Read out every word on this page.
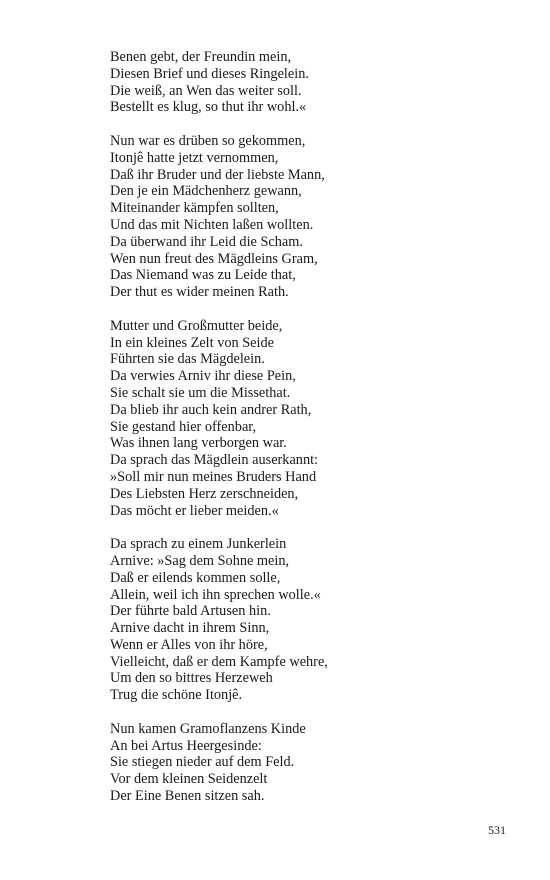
Benen gebt, der Freundin mein,
Diesen Brief und dieses Ringelein.
Die weiß, an Wen das weiter soll.
Bestellt es klug, so thut ihr wohl.«
Nun war es drüben so gekommen,
Itonjê hatte jetzt vernommen,
Daß ihr Bruder und der liebste Mann,
Den je ein Mädchenherz gewann,
Miteinander kämpfen sollten,
Und das mit Nichten laßen wollten.
Da überwand ihr Leid die Scham.
Wen nun freut des Mägdleins Gram,
Das Niemand was zu Leide that,
Der thut es wider meinen Rath.
Mutter und Großmutter beide,
In ein kleines Zelt von Seide
Führten sie das Mägdelein.
Da verwies Arniv ihr diese Pein,
Sie schalt sie um die Missethat.
Da blieb ihr auch kein andrer Rath,
Sie gestand hier offenbar,
Was ihnen lang verborgen war.
Da sprach das Mägdlein auserkannt:
»Soll mir nun meines Bruders Hand
Des Liebsten Herz zerschneiden,
Das möcht er lieber meiden.«
Da sprach zu einem Junkerlein
Arnive: »Sag dem Sohne mein,
Daß er eilends kommen solle,
Allein, weil ich ihn sprechen wolle.«
Der führte bald Artusen hin.
Arnive dacht in ihrem Sinn,
Wenn er Alles von ihr höre,
Vielleicht, daß er dem Kampfe wehre,
Um den so bittres Herzeweh
Trug die schöne Itonjê.
Nun kamen Gramoflanzens Kinde
An bei Artus Heergesinde:
Sie stiegen nieder auf dem Feld.
Vor dem kleinen Seidenzelt
Der Eine Benen sitzen sah.
531
